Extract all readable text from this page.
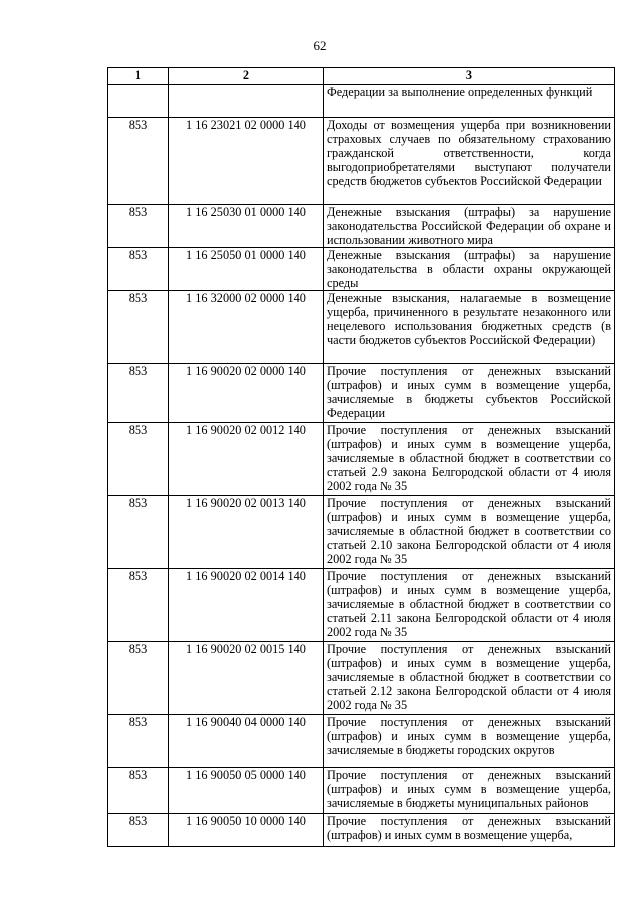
62
1	2	3
		Федерации за выполнение определенных функций
853	1 16 23021 02 0000 140	Доходы от возмещения ущерба при возникновении страховых случаев по обязательному страхованию гражданской ответственности, когда выгодоприобретателями выступают получатели средств бюджетов субъектов Российской Федерации
853	1 16 25030 01 0000 140	Денежные взыскания (штрафы) за нарушение законодательства Российской Федерации об охране и использовании животного мира
853	1 16 25050 01 0000 140	Денежные взыскания (штрафы) за нарушение законодательства в области охраны окружающей среды
853	1 16 32000 02 0000 140	Денежные взыскания, налагаемые в возмещение ущерба, причиненного в результате незаконного или нецелевого использования бюджетных средств (в части бюджетов субъектов Российской Федерации)
853	1 16 90020 02 0000 140	Прочие поступления от денежных взысканий (штрафов) и иных сумм в возмещение ущерба, зачисляемые в бюджеты субъектов Российской Федерации
853	1 16 90020 02 0012 140	Прочие поступления от денежных взысканий (штрафов) и иных сумм в возмещение ущерба, зачисляемые в областной бюджет в соответствии со статьей 2.9 закона Белгородской области от 4 июля 2002 года № 35
853	1 16 90020 02 0013 140	Прочие поступления от денежных взысканий (штрафов) и иных сумм в возмещение ущерба, зачисляемые в областной бюджет в соответствии со статьей 2.10 закона Белгородской области от 4 июля 2002 года № 35
853	1 16 90020 02 0014 140	Прочие поступления от денежных взысканий (штрафов) и иных сумм в возмещение ущерба, зачисляемые в областной бюджет в соответствии со статьей 2.11 закона Белгородской области от 4 июля 2002 года № 35
853	1 16 90020 02 0015 140	Прочие поступления от денежных взысканий (штрафов) и иных сумм в возмещение ущерба, зачисляемые в областной бюджет в соответствии со статьей 2.12 закона Белгородской области от 4 июля 2002 года № 35
853	1 16 90040 04 0000 140	Прочие поступления от денежных взысканий (штрафов) и иных сумм в возмещение ущерба, зачисляемые в бюджеты городских округов
853	1 16 90050 05 0000 140	Прочие поступления от денежных взысканий (штрафов) и иных сумм в возмещение ущерба, зачисляемые в бюджеты муниципальных районов
853	1 16 90050 10 0000 140	Прочие поступления от денежных взысканий (штрафов) и иных сумм в возмещение ущерба,
